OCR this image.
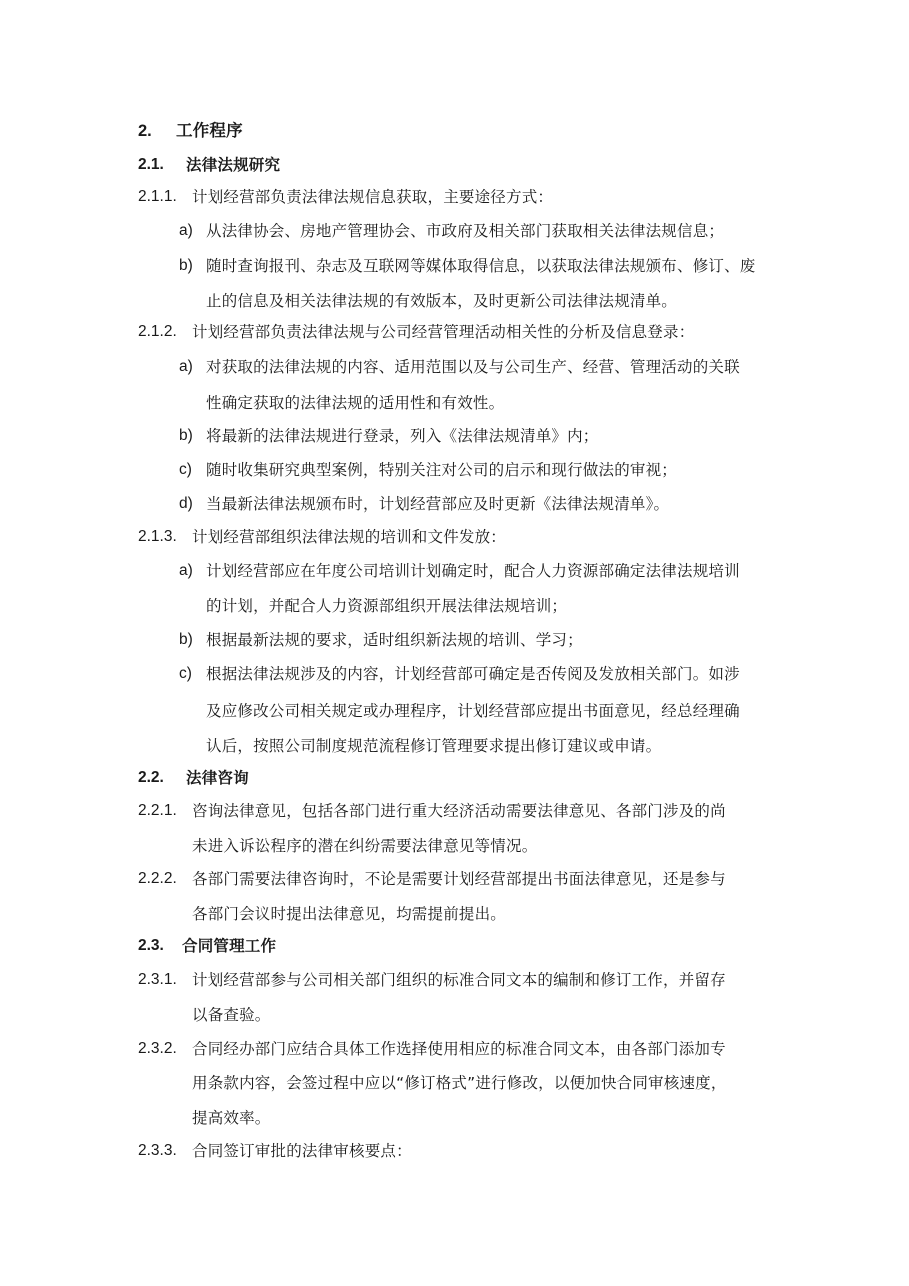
2. 工作程序
2.1. 法律法规研究
2.1.1. 计划经营部负责法律法规信息获取，主要途径方式：
a) 从法律协会、房地产管理协会、市政府及相关部门获取相关法律法规信息；
b) 随时查询报刊、杂志及互联网等媒体取得信息，以获取法律法规颁布、修订、废
止的信息及相关法律法规的有效版本，及时更新公司法律法规清单。
2.1.2. 计划经营部负责法律法规与公司经营管理活动相关性的分析及信息登录：
a) 对获取的法律法规的内容、适用范围以及与公司生产、经营、管理活动的关联
性确定获取的法律法规的适用性和有效性。
b) 将最新的法律法规进行登录，列入《法律法规清单》内；
c) 随时收集研究典型案例，特别关注对公司的启示和现行做法的审视；
d) 当最新法律法规颁布时，计划经营部应及时更新《法律法规清单》。
2.1.3. 计划经营部组织法律法规的培训和文件发放：
a) 计划经营部应在年度公司培训计划确定时，配合人力资源部确定法律法规培训
的计划，并配合人力资源部组织开展法律法规培训；
b) 根据最新法规的要求，适时组织新法规的培训、学习；
c) 根据法律法规涉及的内容，计划经营部可确定是否传阅及发放相关部门。如涉
及应修改公司相关规定或办理程序，计划经营部应提出书面意见，经总经理确
认后，按照公司制度规范流程修订管理要求提出修订建议或申请。
2.2. 法律咨询
2.2.1. 咨询法律意见，包括各部门进行重大经济活动需要法律意见、各部门涉及的尚
未进入诉讼程序的潜在纠纷需要法律意见等情况。
2.2.2. 各部门需要法律咨询时，不论是需要计划经营部提出书面法律意见，还是参与
各部门会议时提出法律意见，均需提前提出。
2.3. 合同管理工作
2.3.1. 计划经营部参与公司相关部门组织的标准合同文本的编制和修订工作，并留存
以备查验。
2.3.2. 合同经办部门应结合具体工作选择使用相应的标准合同文本，由各部门添加专
用条款内容，会签过程中应以“修订格式”进行修改，以便加快合同审核速度，
提高效率。
2.3.3. 合同签订审批的法律审核要点：
